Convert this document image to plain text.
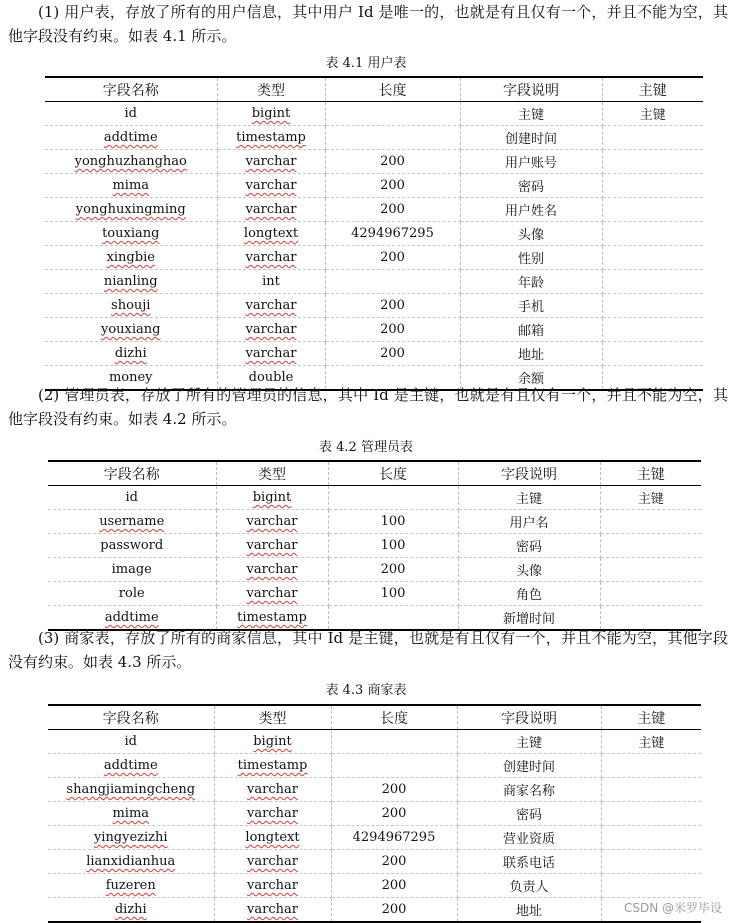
(1) 用户表，存放了所有的用户信息，其中用户 Id 是唯一的，也就是有且仅有一个，并且不能为空，其他字段没有约束。如表 4.1 所示。

表 4.1 用户表
字段名称	类型	长度	字段说明	主键
id	bigint		主键	主键
addtime	timestamp		创建时间	
yonghuzhanghao	varchar	200	用户账号	
mima	varchar	200	密码	
yonghuxingming	varchar	200	用户姓名	
touxiang	longtext	4294967295	头像	
xingbie	varchar	200	性别	
nianling	int		年龄	
shouji	varchar	200	手机	
youxiang	varchar	200	邮箱	
dizhi	varchar	200	地址	
money	double		余额	

(2) 管理员表，存放了所有的管理员的信息，其中 Id 是主键，也就是有且仅有一个，并且不能为空，其他字段没有约束。如表 4.2 所示。

表 4.2 管理员表
字段名称	类型	长度	字段说明	主键
id	bigint		主键	主键
username	varchar	100	用户名	
password	varchar	100	密码	
image	varchar	200	头像	
role	varchar	100	角色	
addtime	timestamp		新增时间	

(3) 商家表，存放了所有的商家信息，其中 Id 是主键，也就是有且仅有一个，并且不能为空，其他字段没有约束。如表 4.3 所示。

表 4.3 商家表
字段名称	类型	长度	字段说明	主键
id	bigint		主键	主键
addtime	timestamp		创建时间	
shangjiamingcheng	varchar	200	商家名称	
mima	varchar	200	密码	
yingyezizhi	longtext	4294967295	营业资质	
lianxidianhua	varchar	200	联系电话	
fuzeren	varchar	200	负责人	
dizhi	varchar	200	地址		CSDN @米罗毕设
